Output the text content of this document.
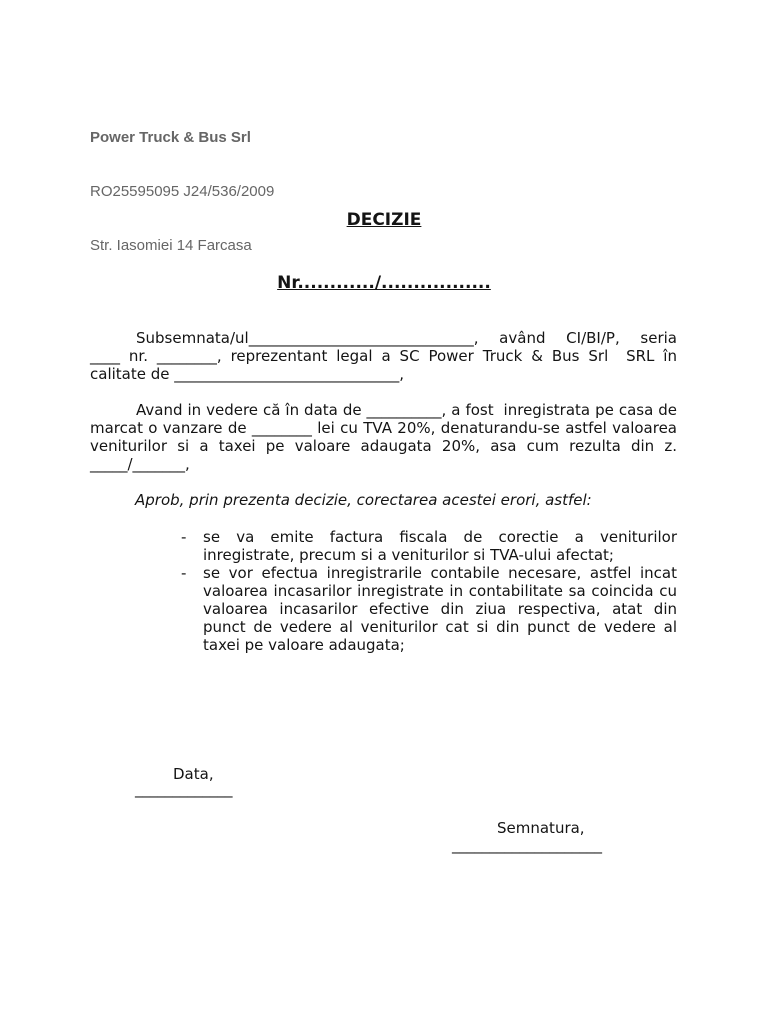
Power Truck & Bus Srl

RO25595095 J24/536/2009

Str. Iasomiei 14 Farcasa

DECIZIE

Nr............/.................

Subsemnata/ul______________________________, având CI/BI/P, seria
____ nr. ________, reprezentant legal a SC Power Truck & Bus Srl  SRL în
calitate de ______________________________,
Avand in vedere că în data de __________, a fost  inregistrata pe casa de
marcat o vanzare de ________ lei cu TVA 20%, denaturandu-se astfel valoarea
veniturilor si a taxei pe valoare adaugata 20%, asa cum rezulta din z.
_____/_______,
Aprob, prin prezenta decizie, corectarea acestei erori, astfel:
- se va emite factura fiscala de corectie a veniturilor
inregistrate, precum si a veniturilor si TVA-ului afectat;
- se vor efectua inregistrarile contabile necesare, astfel incat
valoarea incasarilor inregistrate in contabilitate sa coincida cu
valoarea incasarilor efective din ziua respectiva, atat din
punct de vedere al veniturilor cat si din punct de vedere al
taxei pe valoare adaugata;
Data,
_____________
Semnatura,
____________________
